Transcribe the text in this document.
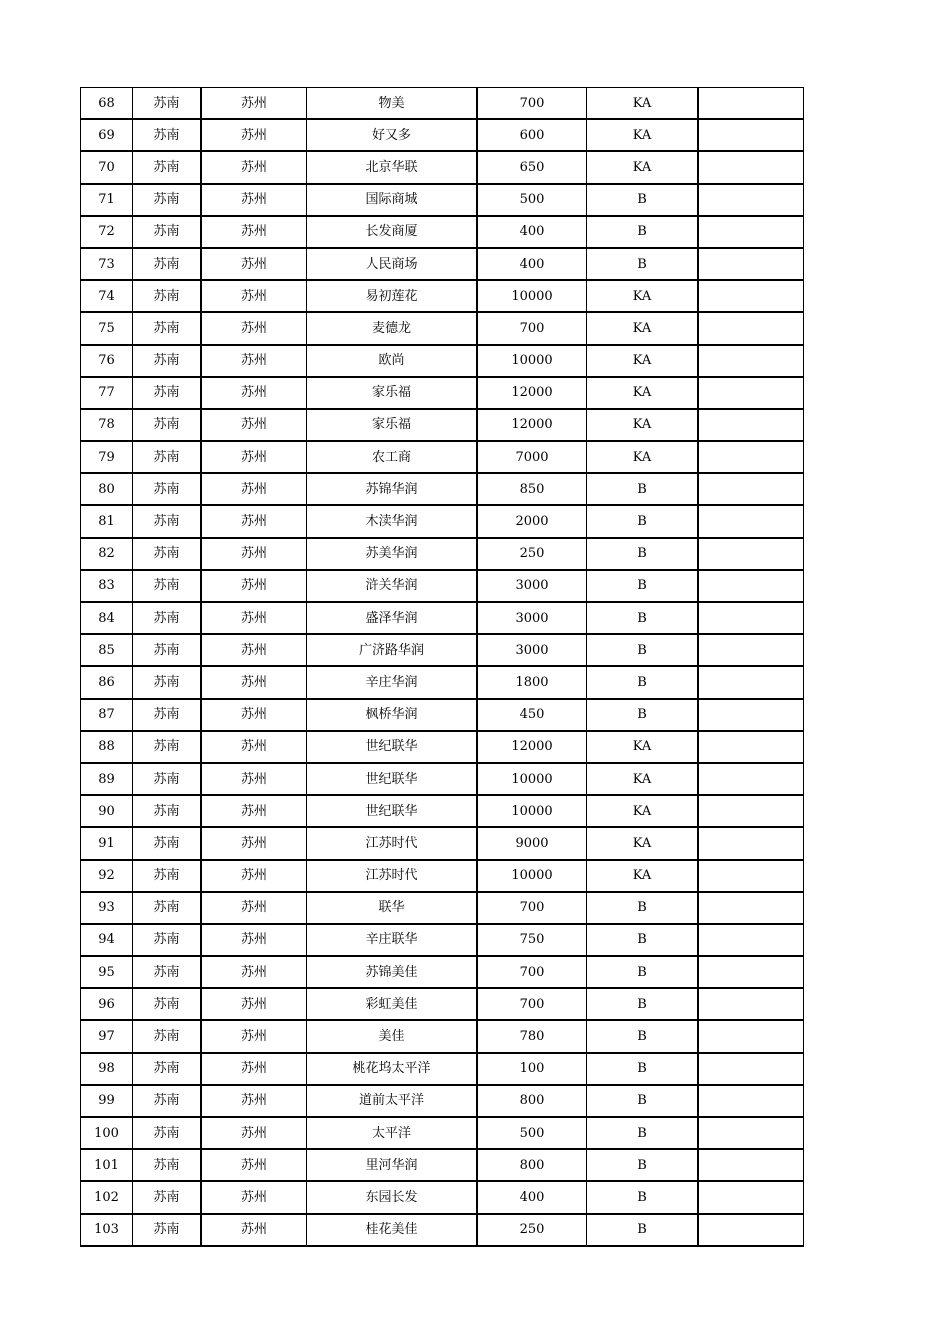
68	苏南	苏州	物美	700	KA	
69	苏南	苏州	好又多	600	KA	
70	苏南	苏州	北京华联	650	KA	
71	苏南	苏州	国际商城	500	B	
72	苏南	苏州	长发商厦	400	B	
73	苏南	苏州	人民商场	400	B	
74	苏南	苏州	易初莲花	10000	KA	
75	苏南	苏州	麦德龙	700	KA	
76	苏南	苏州	欧尚	10000	KA	
77	苏南	苏州	家乐福	12000	KA	
78	苏南	苏州	家乐福	12000	KA	
79	苏南	苏州	农工商	7000	KA	
80	苏南	苏州	苏锦华润	850	B	
81	苏南	苏州	木渎华润	2000	B	
82	苏南	苏州	苏美华润	250	B	
83	苏南	苏州	浒关华润	3000	B	
84	苏南	苏州	盛泽华润	3000	B	
85	苏南	苏州	广济路华润	3000	B	
86	苏南	苏州	辛庄华润	1800	B	
87	苏南	苏州	枫桥华润	450	B	
88	苏南	苏州	世纪联华	12000	KA	
89	苏南	苏州	世纪联华	10000	KA	
90	苏南	苏州	世纪联华	10000	KA	
91	苏南	苏州	江苏时代	9000	KA	
92	苏南	苏州	江苏时代	10000	KA	
93	苏南	苏州	联华	700	B	
94	苏南	苏州	辛庄联华	750	B	
95	苏南	苏州	苏锦美佳	700	B	
96	苏南	苏州	彩虹美佳	700	B	
97	苏南	苏州	美佳	780	B	
98	苏南	苏州	桃花坞太平洋	100	B	
99	苏南	苏州	道前太平洋	800	B	
100	苏南	苏州	太平洋	500	B	
101	苏南	苏州	里河华润	800	B	
102	苏南	苏州	东园长发	400	B	
103	苏南	苏州	桂花美佳	250	B	
